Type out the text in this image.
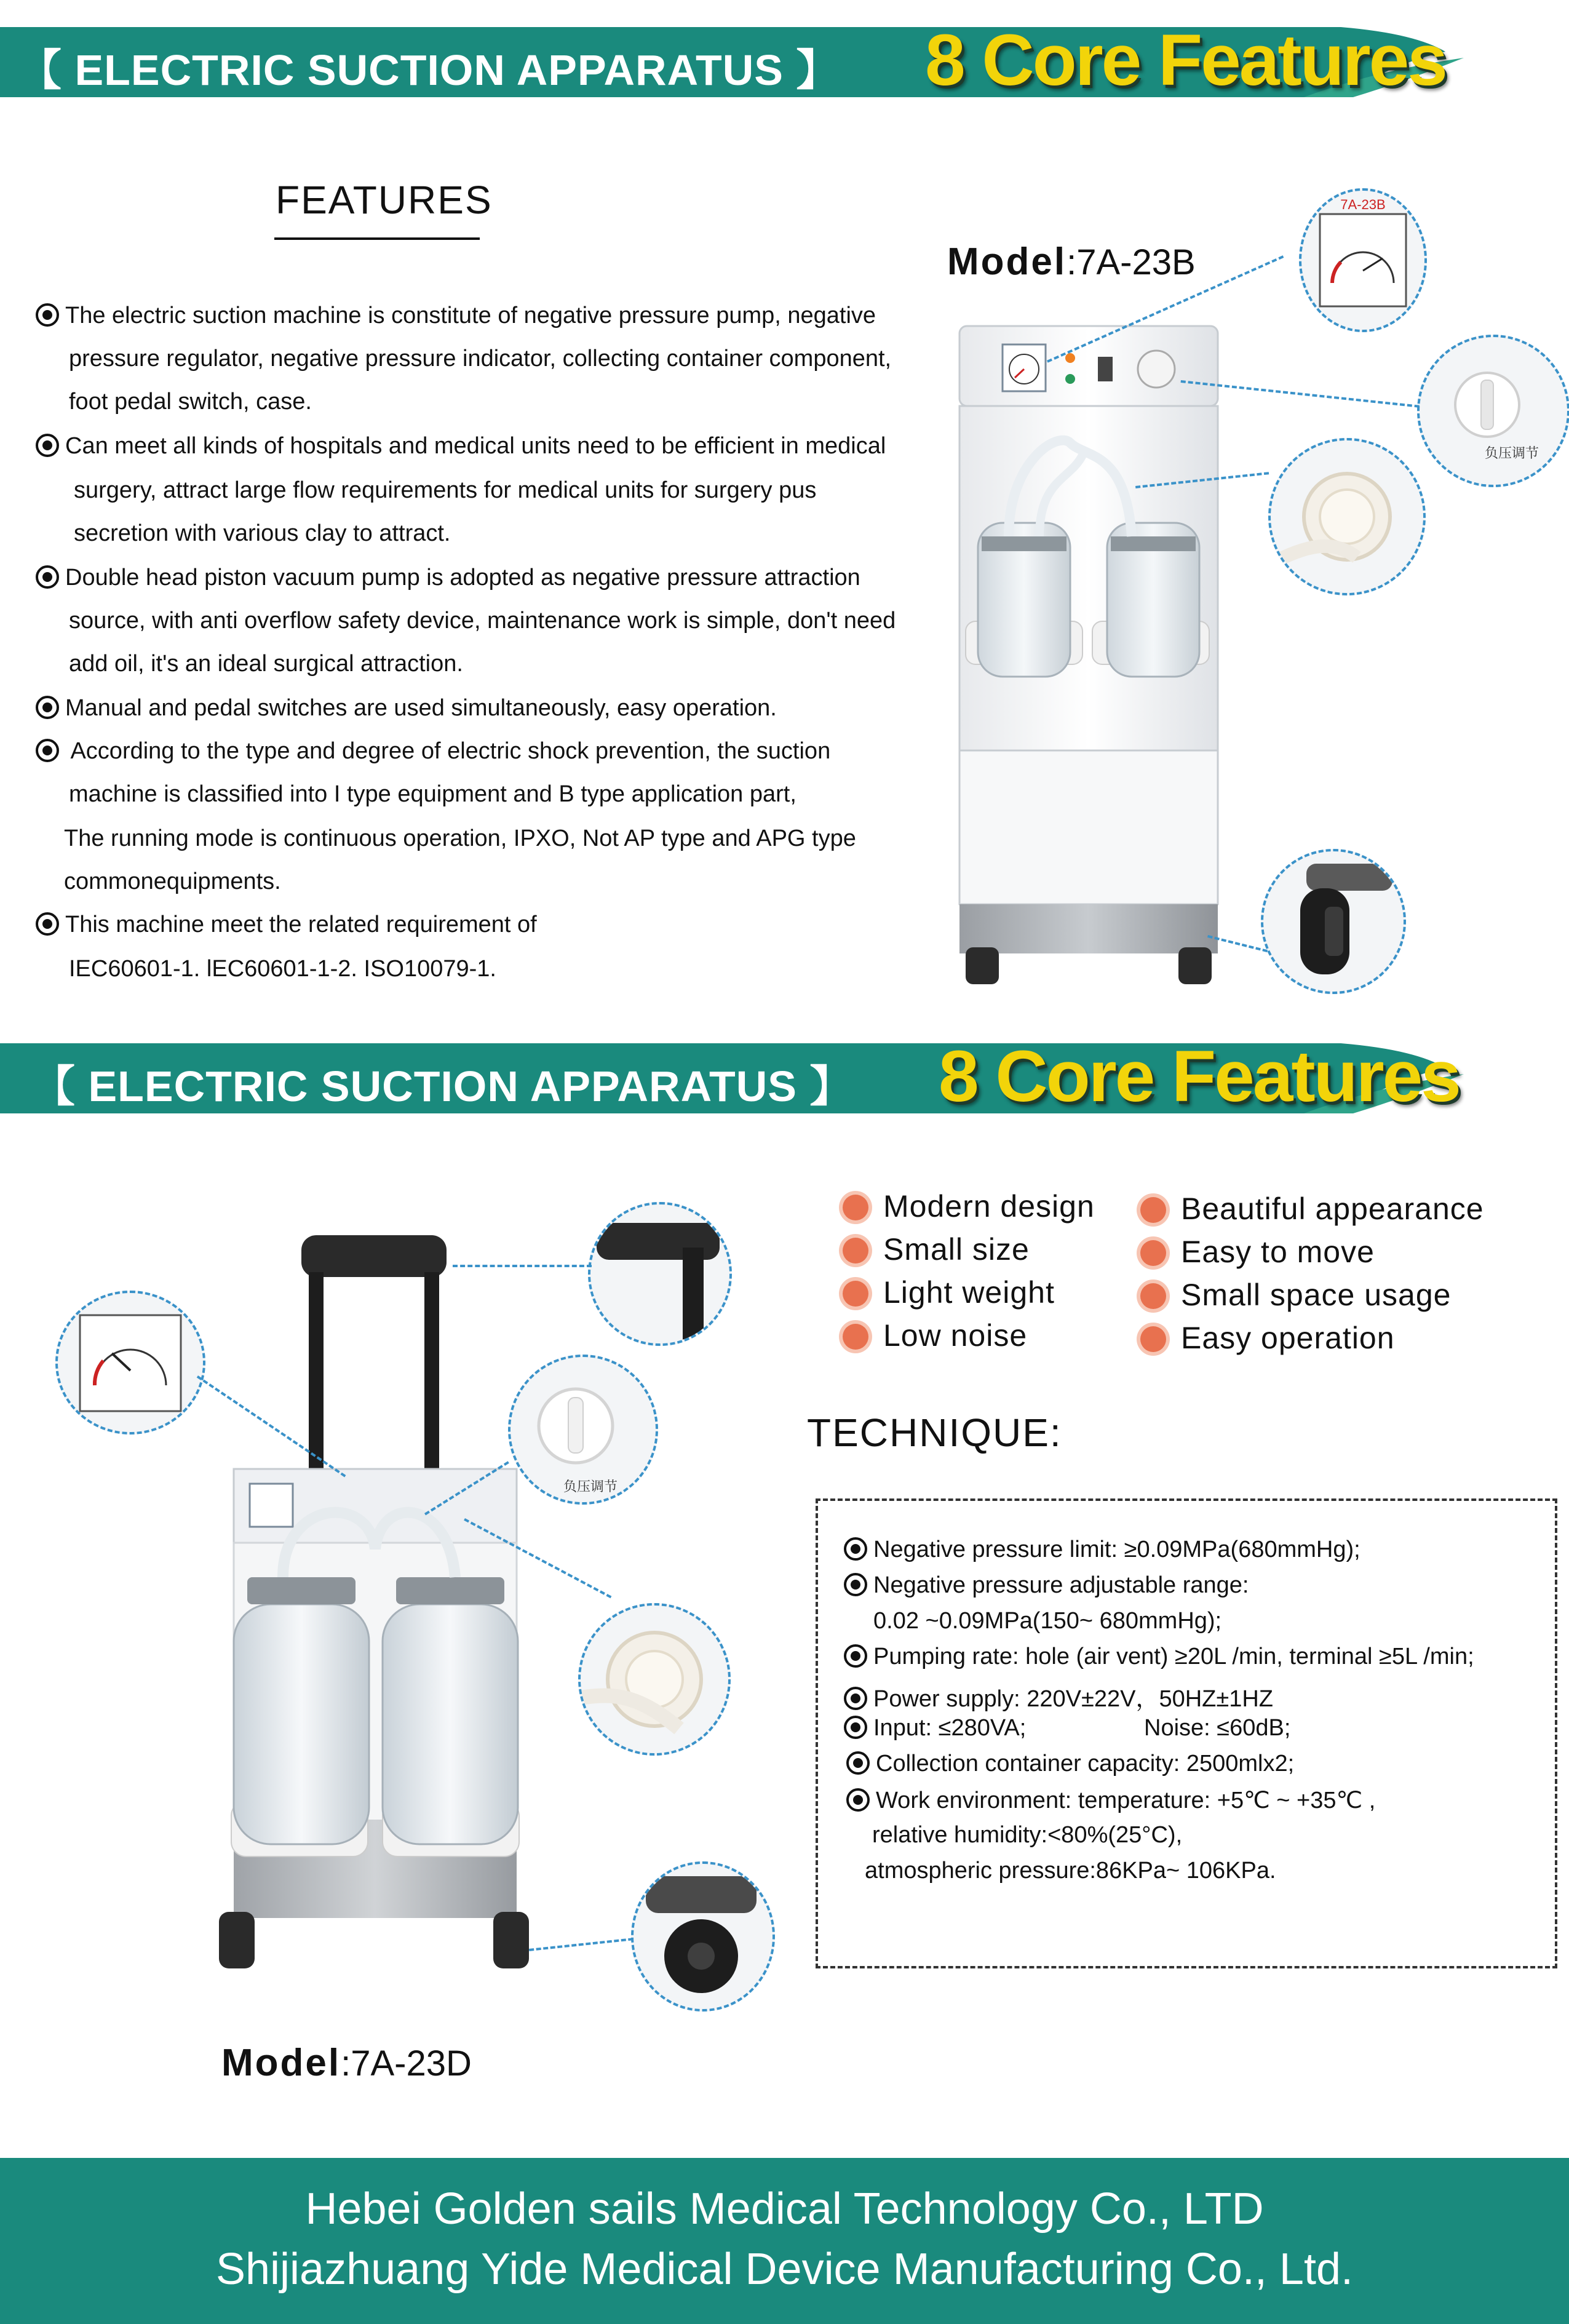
【 ELECTRIC SUCTION APPARATUS 】 8 Core Features
FEATURES
The electric suction machine is constitute of negative pressure pump, negative
pressure regulator, negative pressure indicator, collecting container component,
foot pedal switch, case.
Can meet all kinds of hospitals and medical units need to be efficient in medical
surgery, attract large flow requirements for medical units for surgery pus
secretion with various clay to attract.
Double head piston vacuum pump is adopted as negative pressure attraction
source, with anti overflow safety device, maintenance work is simple, don't need
add oil, it's an ideal surgical attraction.
Manual and pedal switches are used simultaneously, easy operation.
According to the type and degree of electric shock prevention, the suction
machine is classified into I type equipment and B type application part,
The running mode is continuous operation, IPXO, Not AP type and APG type
commonequipments.
This machine meet the related requirement of
IEC60601-1. lEC60601-1-2. ISO10079-1.
Model:7A-23B
7A-23B
负压调节
【 ELECTRIC SUCTION APPARATUS 】 8 Core Features
Modern design
Small size
Light weight
Low noise
Beautiful appearance
Easy to move
Small space usage
Easy operation
TECHNIQUE:
Negative pressure limit: ≥0.09MPa(680mmHg);
Negative pressure adjustable range:
0.02 ~0.09MPa(150~ 680mmHg);
Pumping rate: hole (air vent) ≥20L /min, terminal ≥5L /min;
Power supply: 220V±22V，50HZ±1HZ
Input: ≤280VA;	Noise: ≤60dB;
Collection container capacity: 2500mlx2;
Work environment: temperature: +5℃ ~ +35℃ ,
relative humidity:<80%(25°C),
atmospheric pressure:86KPa~ 106KPa.
负压调节
Model:7A-23D
Hebei Golden sails Medical Technology Co., LTD
Shijiazhuang Yide Medical Device Manufacturing Co., Ltd.
